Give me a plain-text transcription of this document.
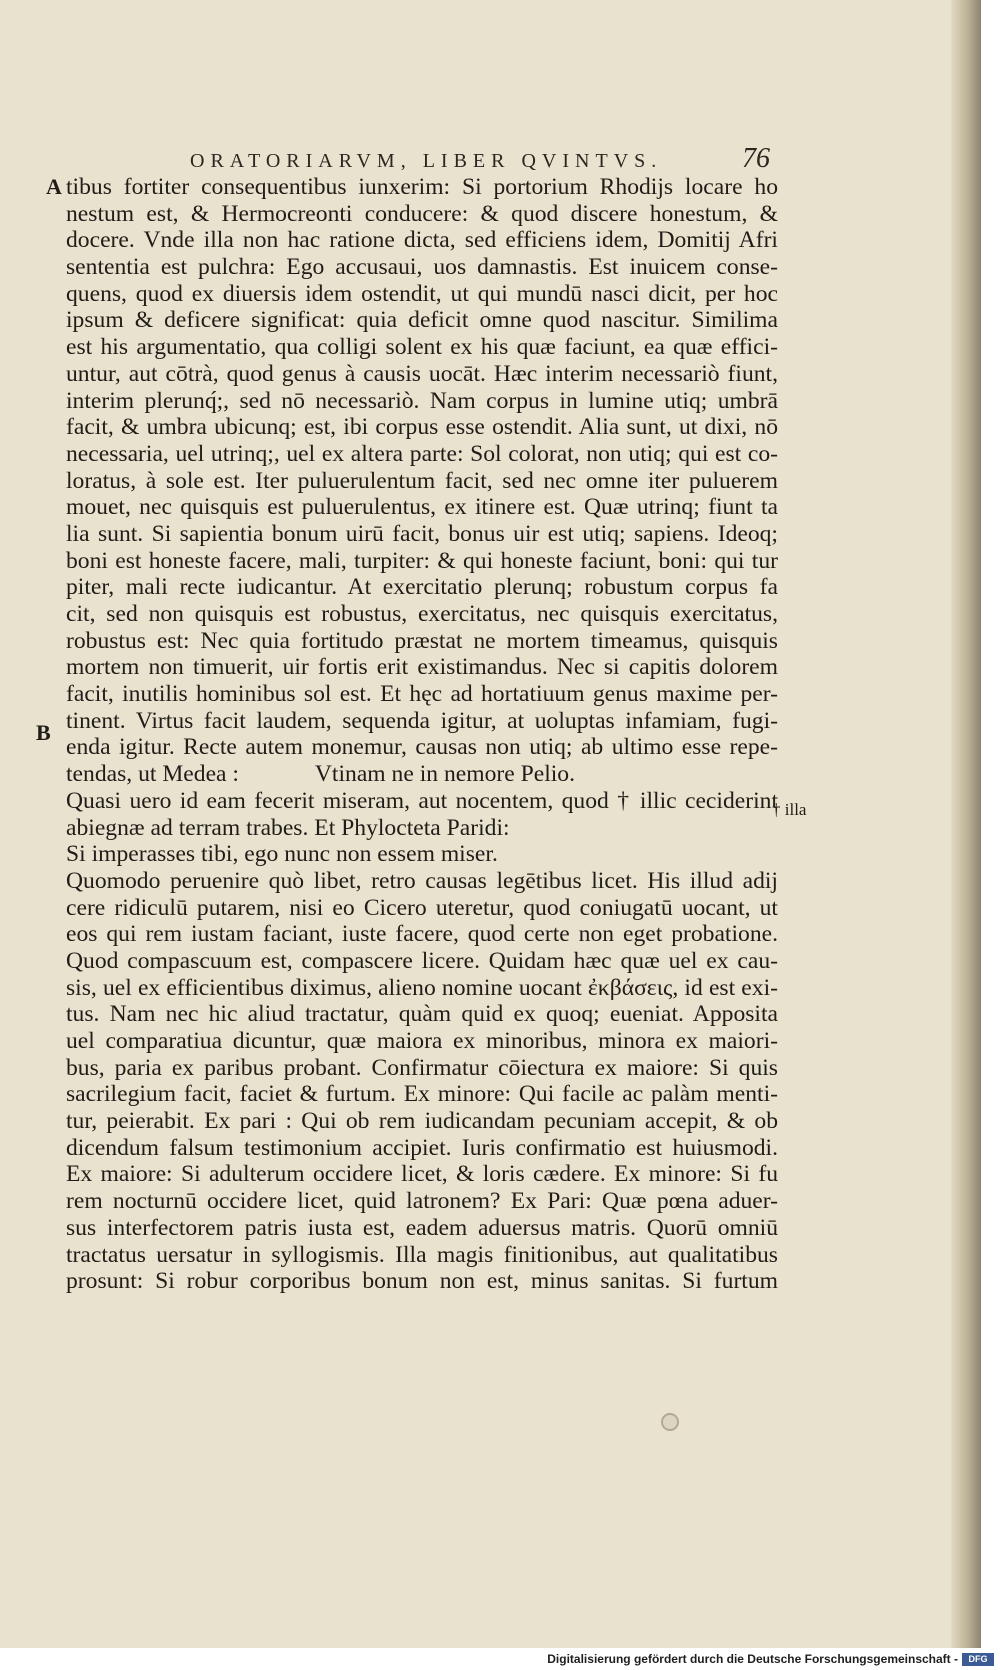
ORATORIARVM, LIBER QVINTVS.	76
A
B
† illa
tibus fortiter consequentibus iunxerim: Si portorium Rhodijs locare ho
nestum est, & Hermocreonti conducere: & quod discere honestum, &
docere. Vnde illa non hac ratione dicta, sed efficiens idem, Domitij Afri
sententia est pulchra: Ego accusaui, uos damnastis. Est inuicem conse-
quens, quod ex diuersis idem ostendit, ut qui mundū nasci dicit, per hoc
ipsum & deficere significat: quia deficit omne quod nascitur. Similima
est his argumentatio, qua colligi solent ex his quæ faciunt, ea quæ effici-
untur, aut cōtrà, quod genus à causis uocāt. Hæc interim necessariò fiunt,
interim plerunq́;, sed nō necessariò. Nam corpus in lumine utiq; umbrā
facit, & umbra ubicunq; est, ibi corpus esse ostendit. Alia sunt, ut dixi, nō
necessaria, uel utrinq;, uel ex altera parte: Sol colorat, non utiq; qui est co-
loratus, à sole est. Iter puluerulentum facit, sed nec omne iter puluerem
mouet, nec quisquis est puluerulentus, ex itinere est. Quæ utrinq; fiunt ta
lia sunt. Si sapientia bonum uirū facit, bonus uir est utiq; sapiens. Ideoq;
boni est honeste facere, mali, turpiter: & qui honeste faciunt, boni: qui tur
piter, mali recte iudicantur. At exercitatio plerunq; robustum corpus fa
cit, sed non quisquis est robustus, exercitatus, nec quisquis exercitatus,
robustus est: Nec quia fortitudo præstat ne mortem timeamus, quisquis
mortem non timuerit, uir fortis erit existimandus. Nec si capitis dolorem
facit, inutilis hominibus sol est. Et hęc ad hortatiuum genus maxime per-
tinent. Virtus facit laudem, sequenda igitur, at uoluptas infamiam, fugi-
enda igitur. Recte autem monemur, causas non utiq; ab ultimo esse repe-
tendas, ut Medea :	Vtinam ne in nemore Pelio.
Quasi uero id eam fecerit miseram, aut nocentem, quod † illic ceciderint
abiegnæ ad terram trabes. Et Phylocteta Paridi:
Si imperasses tibi, ego nunc non essem miser.
Quomodo peruenire quò libet, retro causas legētibus licet. His illud adij
cere ridiculū putarem, nisi eo Cicero uteretur, quod coniugatū uocant, ut
eos qui rem iustam faciant, iuste facere, quod certe non eget probatione.
Quod compascuum est, compascere licere. Quidam hæc quæ uel ex cau-
sis, uel ex efficientibus diximus, alieno nomine uocant ἐκβάσεις, id est exi-
tus. Nam nec hic aliud tractatur, quàm quid ex quoq; eueniat. Apposita
uel comparatiua dicuntur, quæ maiora ex minoribus, minora ex maiori-
bus, paria ex paribus probant. Confirmatur cōiectura ex maiore: Si quis
sacrilegium facit, faciet & furtum. Ex minore: Qui facile ac palàm menti-
tur, peierabit. Ex pari : Qui ob rem iudicandam pecuniam accepit, & ob
dicendum falsum testimonium accipiet. Iuris confirmatio est huiusmodi.
Ex maiore: Si adulterum occidere licet, & loris cædere. Ex minore: Si fu
rem nocturnū occidere licet, quid latronem? Ex Pari: Quæ pœna aduer-
sus interfectorem patris iusta est, eadem aduersus matris. Quorū omniū
tractatus uersatur in syllogismis. Illa magis finitionibus, aut qualitatibus
prosunt: Si robur corporibus bonum non est, minus sanitas. Si furtum
Digitalisierung gefördert durch die Deutsche Forschungsgemeinschaft -	DFG
